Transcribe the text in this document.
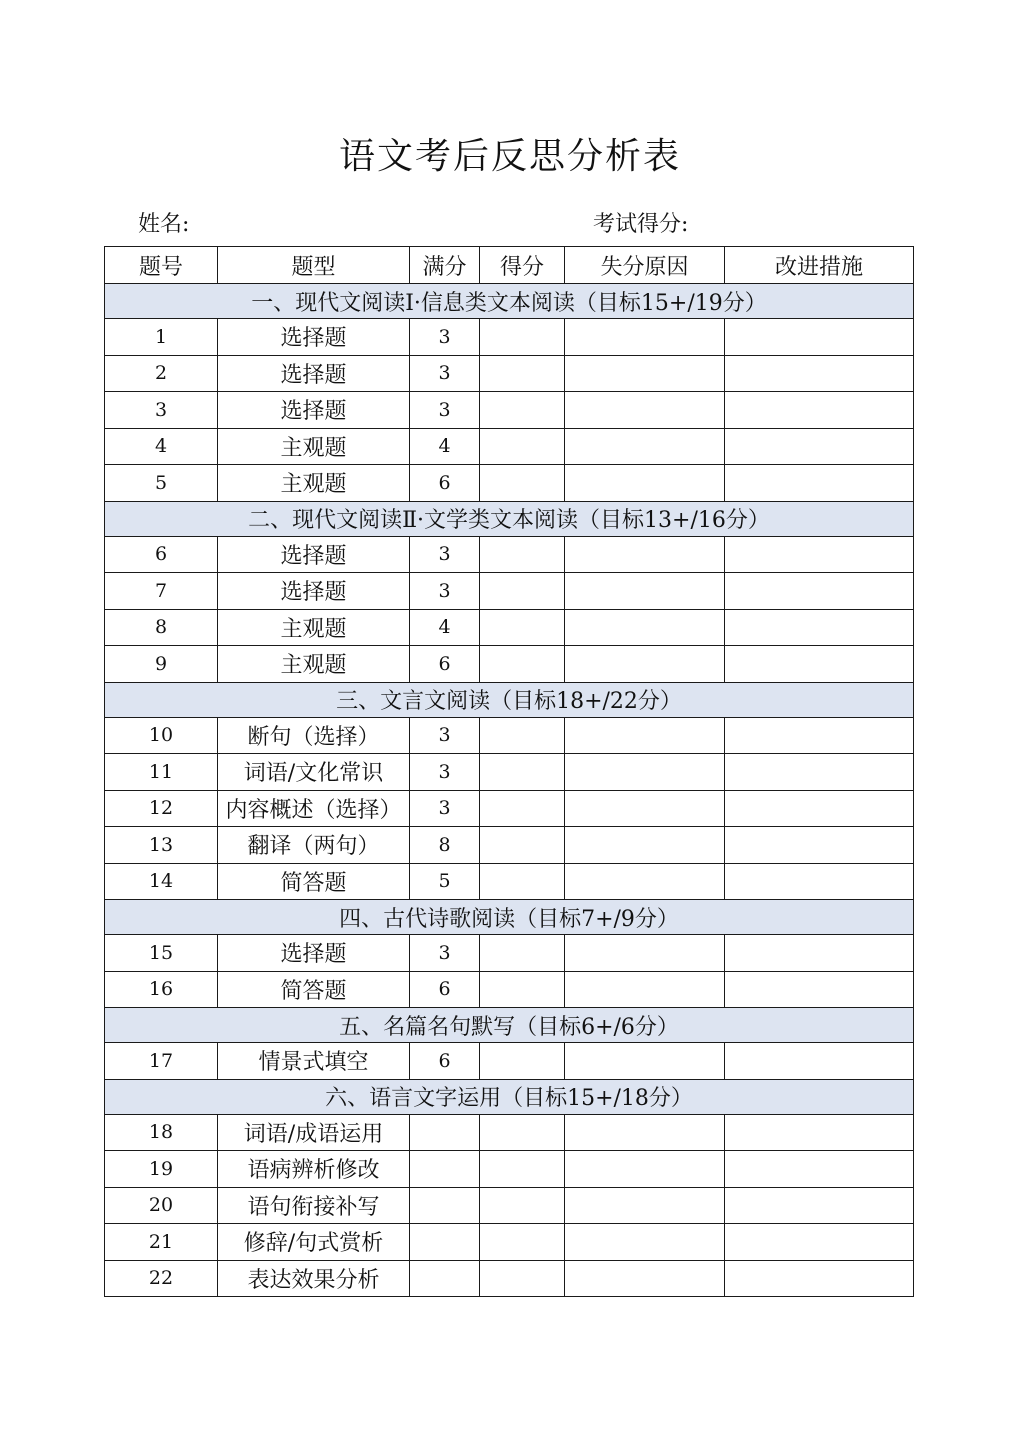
语文考后反思分析表
姓名:	考试得分:
题号	题型	满分	得分	失分原因	改进措施
一、现代文阅读Ⅰ·信息类文本阅读（目标15+/19分）					
1	选择题	3			
2	选择题	3			
3	选择题	3			
4	主观题	4			
5	主观题	6			
二、现代文阅读Ⅱ·文学类文本阅读（目标13+/16分）					
6	选择题	3			
7	选择题	3			
8	主观题	4			
9	主观题	6			
三、文言文阅读（目标18+/22分）					
10	断句（选择）	3			
11	词语/文化常识	3			
12	内容概述（选择）	3			
13	翻译（两句）	8			
14	简答题	5			
四、古代诗歌阅读（目标7+/9分）					
15	选择题	3			
16	简答题	6			
五、名篇名句默写（目标6+/6分）					
17	情景式填空	6			
六、语言文字运用（目标15+/18分）					
18	词语/成语运用				
19	语病辨析修改				
20	语句衔接补写				
21	修辞/句式赏析				
22	表达效果分析				
